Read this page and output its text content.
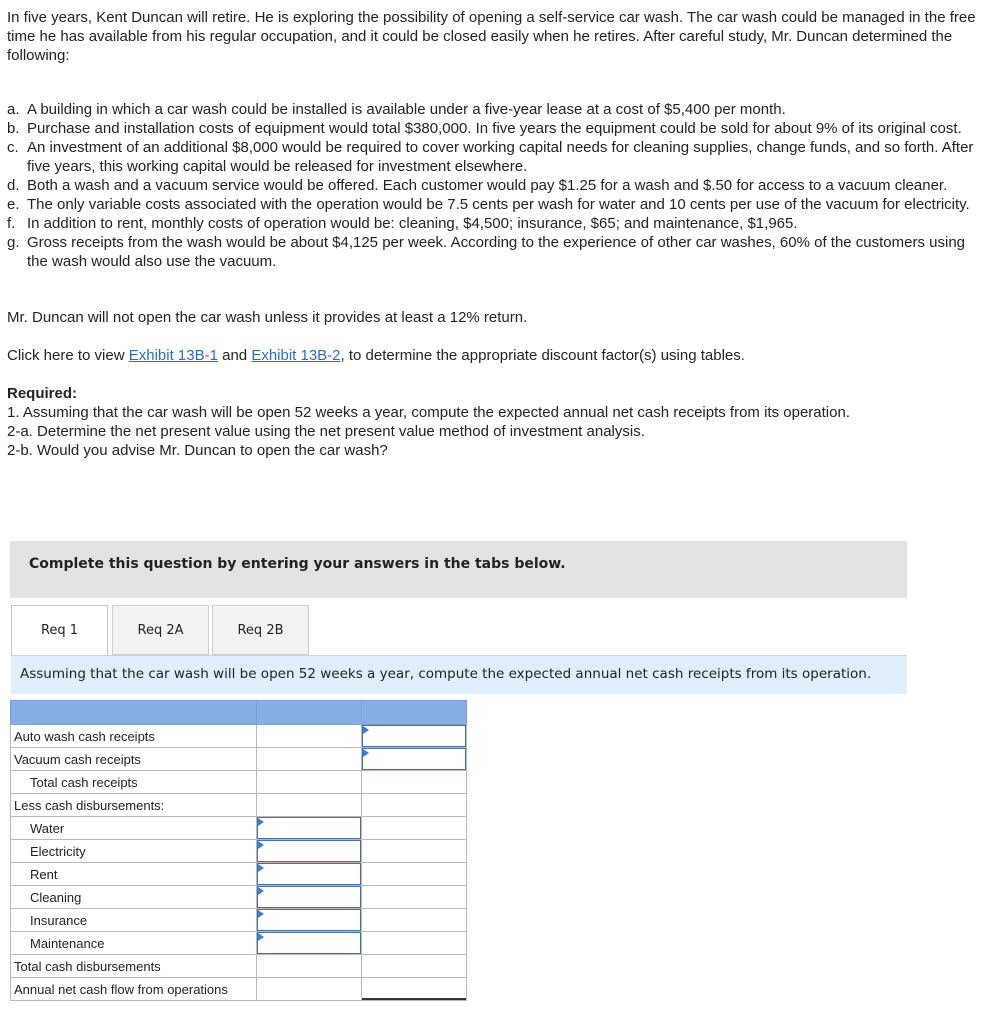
In five years, Kent Duncan will retire. He is exploring the possibility of opening a self-service car wash. The car wash could be managed in the free time he has available from his regular occupation, and it could be closed easily when he retires. After careful study, Mr. Duncan determined the following:

a. A building in which a car wash could be installed is available under a five-year lease at a cost of $5,400 per month.
b. Purchase and installation costs of equipment would total $380,000. In five years the equipment could be sold for about 9% of its original cost.
c. An investment of an additional $8,000 would be required to cover working capital needs for cleaning supplies, change funds, and so forth. After five years, this working capital would be released for investment elsewhere.
d. Both a wash and a vacuum service would be offered. Each customer would pay $1.25 for a wash and $.50 for access to a vacuum cleaner.
e. The only variable costs associated with the operation would be 7.5 cents per wash for water and 10 cents per use of the vacuum for electricity.
f. In addition to rent, monthly costs of operation would be: cleaning, $4,500; insurance, $65; and maintenance, $1,965.
g. Gross receipts from the wash would be about $4,125 per week. According to the experience of other car washes, 60% of the customers using the wash would also use the vacuum.

Mr. Duncan will not open the car wash unless it provides at least a 12% return.

Click here to view Exhibit 13B-1 and Exhibit 13B-2, to determine the appropriate discount factor(s) using tables.

Required:
1. Assuming that the car wash will be open 52 weeks a year, compute the expected annual net cash receipts from its operation.
2-a. Determine the net present value using the net present value method of investment analysis.
2-b. Would you advise Mr. Duncan to open the car wash?
Complete this question by entering your answers in the tabs below.
Req 1	Req 2A	Req 2B
Assuming that the car wash will be open 52 weeks a year, compute the expected annual net cash receipts from its operation.

Auto wash cash receipts		

Vacuum cash receipts		

Total cash receipts		
Less cash disbursements:		
Water	

Electricity	

Rent	

Cleaning	

Insurance	

Maintenance	

Total cash disbursements		
Annual net cash flow from operations		
